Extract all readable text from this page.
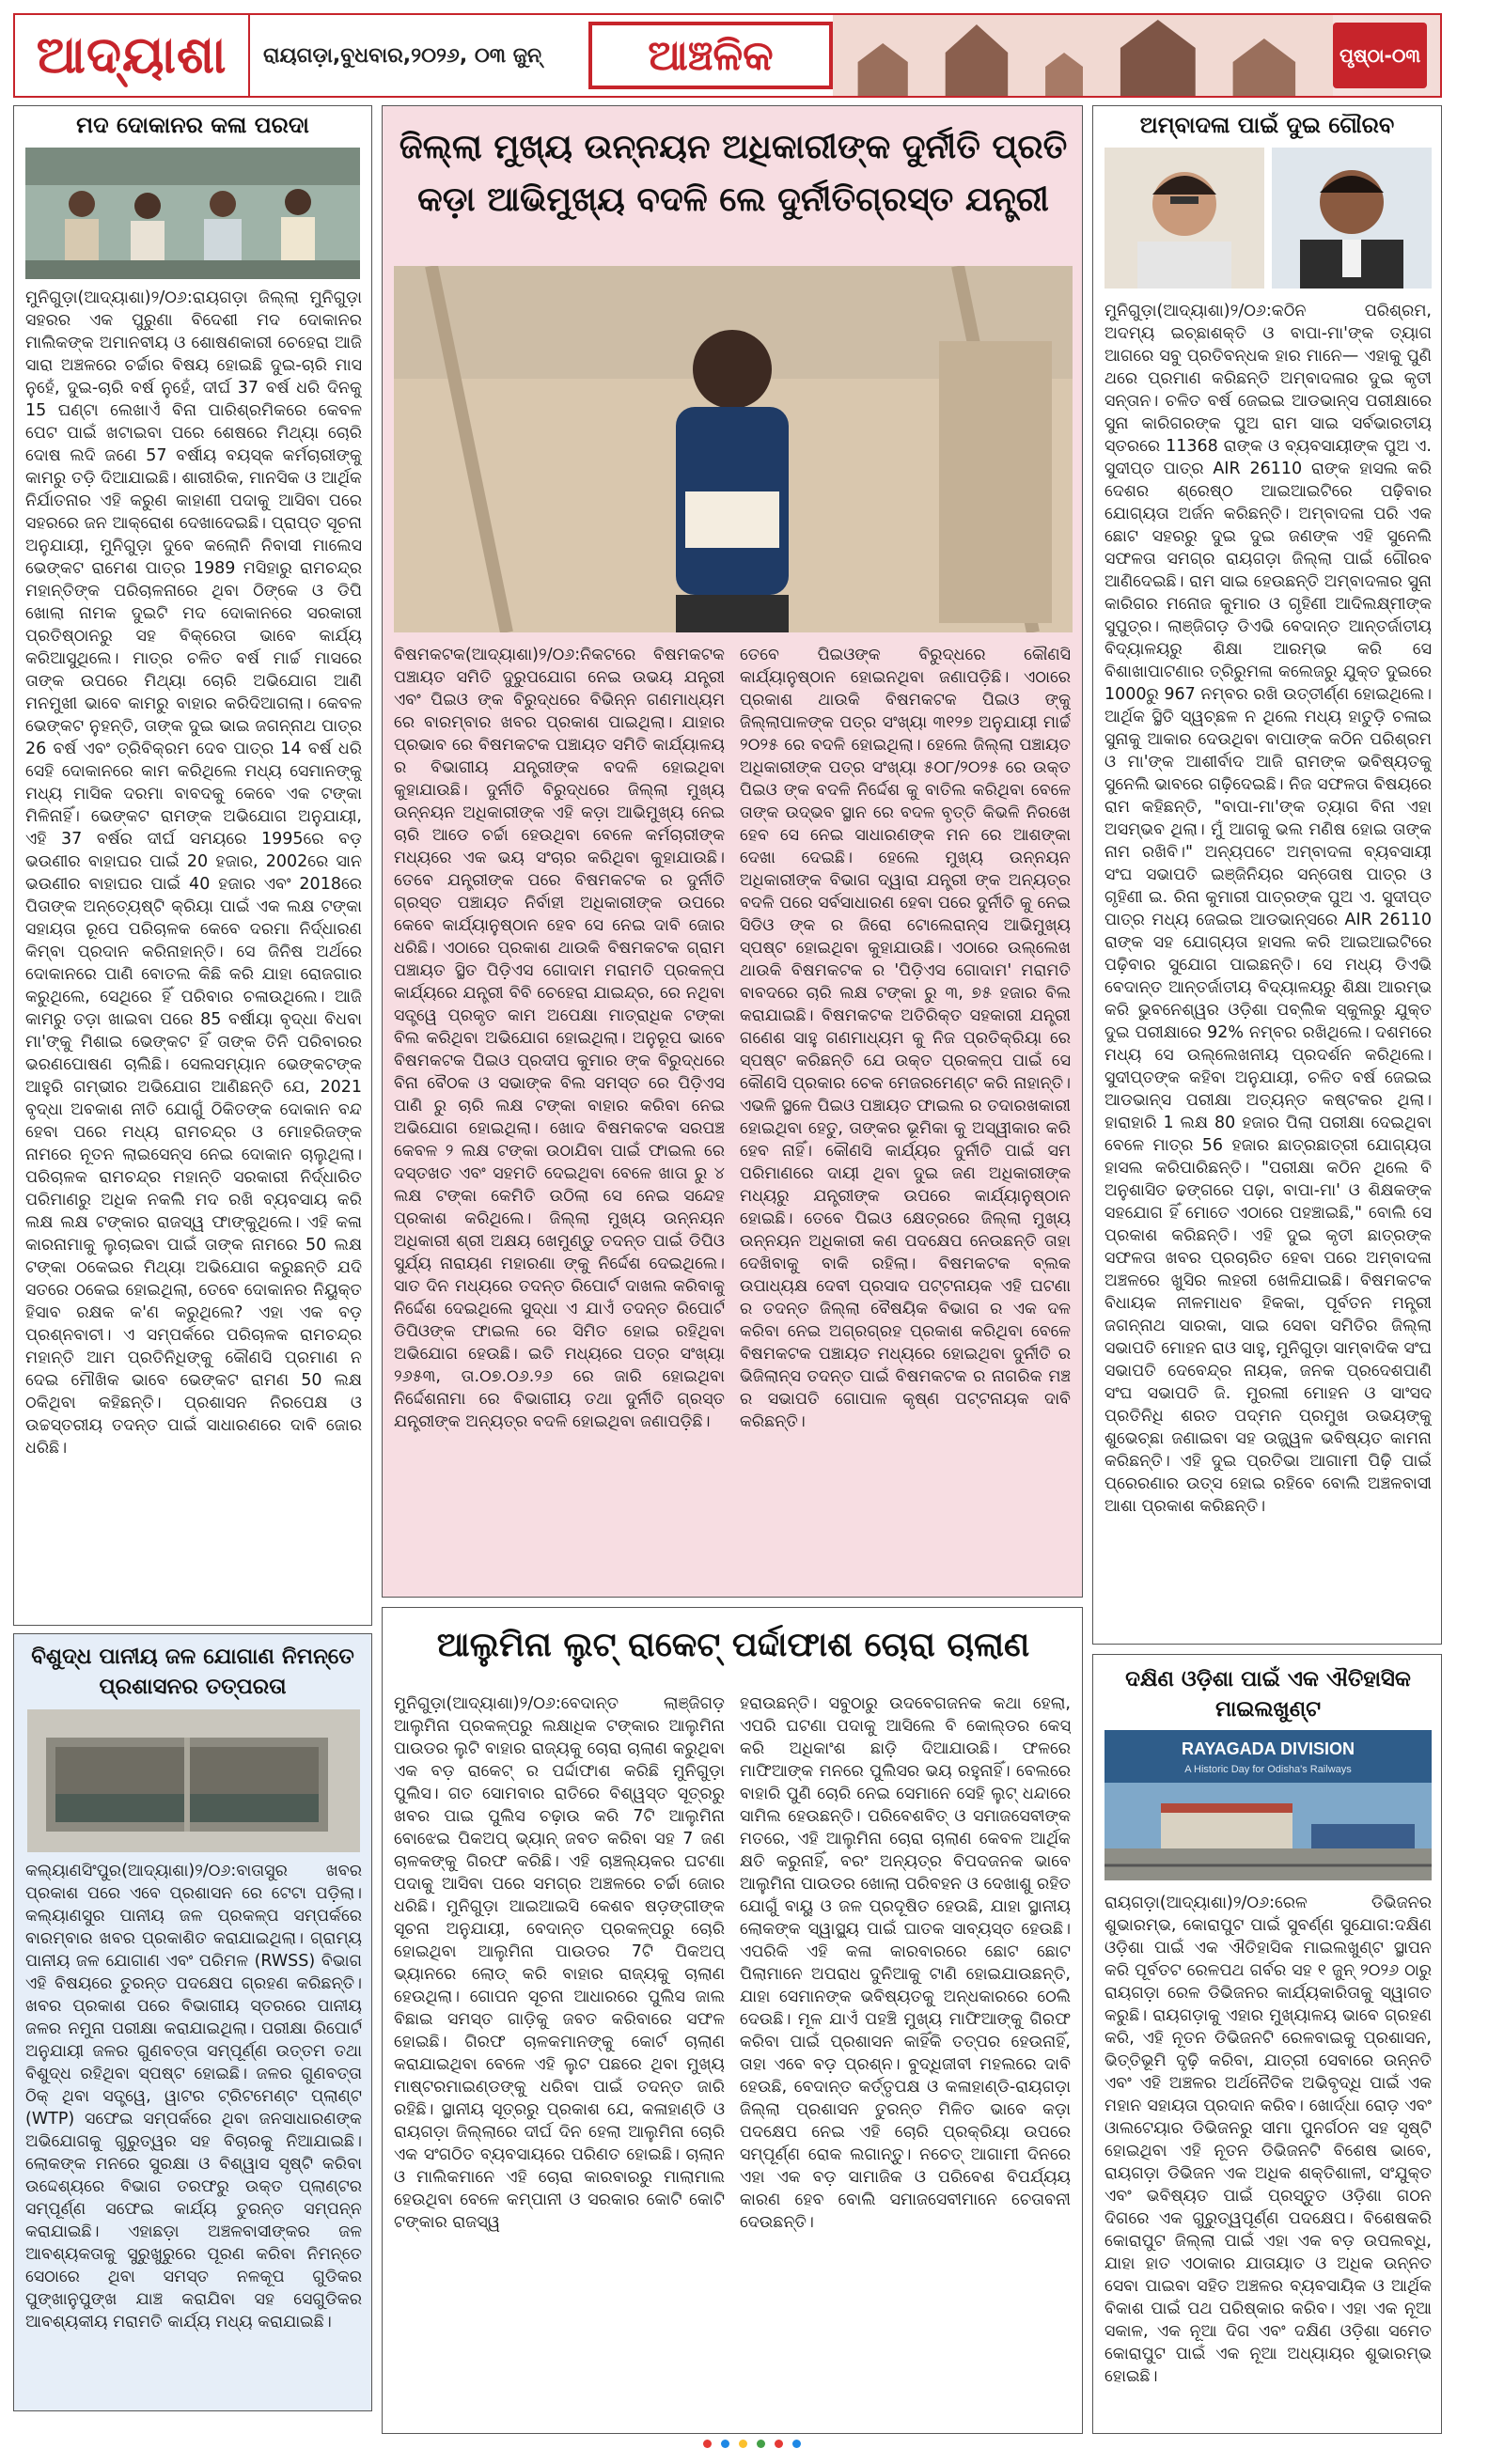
ଆଦ୍ୟାଶା	ରାୟଗଡ଼ା,ବୁଧବାର,୨୦୨୬, ୦୩ ଜୁନ୍	ଆଞ୍ଚଳିକ	ପୃଷ୍ଠା-୦୩
ମଦ ଦୋକାନର କଳା ପରଦା
ମୁନିଗୁଡ଼ା(ଆଦ୍ୟାଶା)୨/୦୬:ରାୟଗଡ଼ା ଜିଲ୍ଲା ମୁନିଗୁଡ଼ା ସହରର ଏକ ପୁରୁଣା ବିଦେଶୀ ମଦ ଦୋକାନର ମାଲିକଙ୍କ ଅମାନବୀୟ ଓ ଶୋଷଣକାରୀ ଚେହେରା ଆଜି ସାରା ଅଞ୍ଚଳରେ ଚର୍ଚ୍ଚାର ବିଷୟ ହୋଇଛି ଦୁଇ-ଚାରି ମାସ ନୁହେଁ, ଦୁଇ-ଚାରି ବର୍ଷ ନୁହେଁ, ଦୀର୍ଘ 37 ବର୍ଷ ଧରି ଦିନକୁ 15 ଘଣ୍ଟା ଲେଖାଏଁ ବିନା ପାରିଶ୍ରମିକରେ କେବଳ ପେଟ ପାଇଁ ଖଟାଇବା ପରେ ଶେଷରେ ମିଥ୍ୟା ଚୋରି ଦୋଷ ଲଦି ଜଣେ 57 ବର୍ଷୀୟ ବୟସ୍କ କର୍ମଚାରୀଙ୍କୁ କାମରୁ ତଡ଼ି ଦିଆଯାଇଛି। ଶାରୀରିକ, ମାନସିକ ଓ ଆର୍ଥିକ ନିର୍ଯାତନାର ଏହି କରୁଣ କାହାଣୀ ପଦାକୁ ଆସିବା ପରେ ସହରରେ ଜନ ଆକ୍ରୋଶ ଦେଖାଦେଇଛି। ପ୍ରାପ୍ତ ସୂଚନା ଅନୁଯାୟୀ, ମୁନିଗୁଡ଼ା ଦୁବେ କଲୋନି ନିବାସୀ ମାଲେସ ଭେଙ୍କଟ ରାମେଶ ପାତ୍ର 1989 ମସିହାରୁ ରାମଚନ୍ଦ୍ର ମହାନ୍ତିଙ୍କ ପରିଚାଳନାରେ ଥିବା ଠିଙ୍କେ ଓ ଡିପି ଖୋଲା ନାମକ ଦୁଇଟି ମଦ ଦୋକାନରେ ସରକାରୀ ପ୍ରତିଷ୍ଠାନରୁ ସହ ବିକ୍ରେତା ଭାବେ କାର୍ଯ୍ୟ କରିଆସୁଥିଲେ। ମାତ୍ର ଚଳିତ ବର୍ଷ ମାର୍ଚ୍ଚ ମାସରେ ତାଙ୍କ ଉପରେ ମିଥ୍ୟା ଚୋରି ଅଭିଯୋଗ ଆଣି ମନମୁଖୀ ଭାବେ କାମରୁ ବାହାର କରିଦିଆଗଲା। କେବଳ ଭେଙ୍କଟ ନୁହନ୍ତି, ତାଙ୍କ ଦୁଇ ଭାଇ ଜଗନ୍ନାଥ ପାତ୍ର 26 ବର୍ଷ ଏବଂ ତ୍ରିବିକ୍ରମ ଦେବ ପାତ୍ର 14 ବର୍ଷ ଧରି ସେହି ଦୋକାନରେ କାମ କରିଥିଲେ ମଧ୍ୟ ସେମାନଙ୍କୁ ମଧ୍ୟ ମାସିକ ଦରମା ବାବଦକୁ କେବେ ଏକ ଟଙ୍କା ମିଳିନାହିଁ। ଭେଙ୍କଟ ରାମଙ୍କ ଅଭିଯୋଗ ଅନୁଯାୟୀ, ଏହି 37 ବର୍ଷର ଦୀର୍ଘ ସମୟରେ 1995ରେ ବଡ଼ ଭଉଣୀର ବାହାଘର ପାଇଁ 20 ହଜାର, 2002ରେ ସାନ ଭଉଣୀର ବାହାଘର ପାଇଁ 40 ହଜାର ଏବଂ 2018ରେ ପିତାଙ୍କ ଅନ୍ତ୍ୟେଷ୍ଟି କ୍ରିୟା ପାଇଁ ଏକ ଲକ୍ଷ ଟଙ୍କା ସହାୟତା ରୂପେ ପରିଚାଳକ କେବେ ଦରମା ନିର୍ଦ୍ଧାରଣ କିମ୍ବା ପ୍ରଦାନ କରିନାହାନ୍ତି। ସେ ଜିନିଷ ଅର୍ଥରେ ଦୋକାନରେ ପାଣି ବୋତଲ କିଛି କରି ଯାହା ରୋଜଗାର କରୁଥିଲେ, ସେଥିରେ ହିଁ ପରିବାର ଚଳାଉଥିଲେ। ଆଜି କାମରୁ ତଡ଼ା ଖାଇବା ପରେ 85 ବର୍ଷୀୟା ବୃଦ୍ଧା ବିଧବା ମା'ଙ୍କୁ ମିଶାଇ ଭେଙ୍କଟ ହିଁ ତାଙ୍କ ତିନି ପରିବାରର ଭରଣପୋଷଣ ଚାଲିଛି। ସେଲସମ୍ୟାନ ଭେଙ୍କଟଙ୍କ ଆହୁରି ଗମ୍ଭୀର ଅଭିଯୋଗ ଆଣିଛନ୍ତି ଯେ, 2021 ବୃଦ୍ଧା ଅବକାଶ ନୀତି ଯୋଗୁଁ ଠିକିତଙ୍କ ଦୋକାନ ବନ୍ଦ ହେବା ପରେ ମଧ୍ୟ ରାମଚନ୍ଦ୍ର ଓ ମୋହରିଜଙ୍କ ନାମରେ ନୂତନ ଲାଇସେନ୍ସ ନେଇ ଦୋକାନ ଚାଲୁଥିଲା। ପରିଚାଳକ ରାମଚନ୍ଦ୍ର ମହାନ୍ତି ସରକାରୀ ନିର୍ଦ୍ଧାରିତ ପରିମାଣରୁ ଅଧିକ ନକଲି ମଦ ରଖି ବ୍ୟବସାୟ କରି ଲକ୍ଷ ଲକ୍ଷ ଟଙ୍କାର ରାଜସ୍ୱ ଫାଙ୍କୁଥିଲେ। ଏହି କଳା କାରନାମାକୁ ଲୁଚାଇବା ପାଇଁ ତାଙ୍କ ନାମରେ 50 ଲକ୍ଷ ଟଙ୍କା ଠକେଇର ମିଥ୍ୟା ଅଭିଯୋଗ କରୁଛନ୍ତି ଯଦି ସତରେ ଠକେଇ ହୋଇଥିଲା, ତେବେ ଦୋକାନର ନିୟୁକ୍ତ ହିସାବ ରକ୍ଷକ କ'ଣ କରୁଥିଲେ? ଏହା ଏକ ବଡ଼ ପ୍ରଶ୍ନବାଚୀ। ଏ ସମ୍ପର୍କରେ ପରିଚାଳକ ରାମଚନ୍ଦ୍ର ମହାନ୍ତି ଆମ ପ୍ରତିନିଧିଙ୍କୁ କୌଣସି ପ୍ରମାଣ ନ ଦେଇ ମୌଖିକ ଭାବେ ଭେଙ୍କଟ ରାମଣ 50 ଲକ୍ଷ ଠକିଥିବା କହିଛନ୍ତି। ପ୍ରଶାସନ ନିରପେକ୍ଷ ଓ ଉଚ୍ଚସ୍ତରୀୟ ତଦନ୍ତ ପାଇଁ ସାଧାରଣରେ ଦାବି ଜୋର ଧରିଛି।
ବିଶୁଦ୍ଧ ପାନୀୟ ଜଳ ଯୋଗାଣ ନିମନ୍ତେ ପ୍ରଶାସନର ତତ୍ପରତା
କଲ୍ୟାଣସିଂପୁର(ଆଦ୍ୟାଶା)୨/୦୬:ବାତାସୁର ଖବର ପ୍ରକାଶ ପରେ ଏବେ ପ୍ରଶାସନ ରେ ଟେଟା ପଡ଼ିଲା। କଲ୍ୟାଣସୁର ପାନୀୟ ଜଳ ପ୍ରକଳ୍ପ ସମ୍ପର୍କରେ ବାରମ୍ବାର ଖବର ପ୍ରକାଶିତ କରାଯାଇଥିଲା। ଗ୍ରାମ୍ୟ ପାନୀୟ ଜଳ ଯୋଗାଣ ଏବଂ ପରିମଳ (RWSS) ବିଭାଗ ଏହି ବିଷୟରେ ତୁରନ୍ତ ପଦକ୍ଷେପ ଗ୍ରହଣ କରିଛନ୍ତି। ଖବର ପ୍ରକାଶ ପରେ ବିଭାଗୀୟ ସ୍ତରରେ ପାନୀୟ ଜଳର ନମୁନା ପରୀକ୍ଷା କରାଯାଇଥିଲା। ପରୀକ୍ଷା ରିପୋର୍ଟ ଅନୁଯାୟୀ ଜଳର ଗୁଣବତ୍ତା ସମ୍ପୂର୍ଣ୍ଣ ଉତ୍ତମ ତଥା ବିଶୁଦ୍ଧ ରହିଥିବା ସ୍ପଷ୍ଟ ହୋଇଛି। ଜଳର ଗୁଣବତ୍ତା ଠିକ୍ ଥିବା ସତ୍ତ୍ୱେ, ୱାଟର ଟ୍ରିଟମେଣ୍ଟ ପ୍ଲାଣ୍ଟ (WTP) ସଫେଇ ସମ୍ପର୍କରେ ଥିବା ଜନସାଧାରଣଙ୍କ ଅଭିଯୋଗକୁ ଗୁରୁତ୍ୱର ସହ ବିଚାରକୁ ନିଆଯାଇଛି। ଲୋକଙ୍କ ମନରେ ସୁରକ୍ଷା ଓ ବିଶ୍ୱାସ ସୃଷ୍ଟି କରିବା ଉଦ୍ଦେଶ୍ୟରେ ବିଭାଗ ତରଫରୁ ଉକ୍ତ ପ୍ଲାଣ୍ଟର ସମ୍ପୂର୍ଣ୍ଣ ସଫେଇ କାର୍ଯ୍ୟ ତୁରନ୍ତ ସମ୍ପନ୍ନ କରାଯାଇଛି। ଏହାଛଡ଼ା ଅଞ୍ଚଳବାସୀଙ୍କର ଜଳ ଆବଶ୍ୟକତାକୁ ସୁରୁଖୁରୁରେ ପୂରଣ କରିବା ନିମନ୍ତେ ସେଠାରେ ଥିବା ସମସ୍ତ ନଳକୂପ ଗୁଡିକର ପୁଙ୍ଖାନୁପୁଙ୍ଖ ଯାଞ୍ଚ କରାଯିବା ସହ ସେଗୁଡିକର ଆବଶ୍ୟକୀୟ ମରାମତି କାର୍ଯ୍ୟ ମଧ୍ୟ କରାଯାଇଛି।
ଜିଲ୍ଲା ମୁଖ୍ୟ ଉନ୍ନୟନ ଅଧିକାରୀଙ୍କ ଦୁର୍ନୀତି ପ୍ରତି କଡ଼ା ଆଭିମୁଖ୍ୟ ବଦଳି ଲେ ଦୁର୍ନୀତିଗ୍ରସ୍ତ ଯନ୍ତ୍ରୀ
ବିଷମକଟକ(ଆଦ୍ୟାଶା)୨/୦୬:ନିକଟରେ ବିଷମକଟକ ପଞ୍ଚାୟତ ସମିତି ଦୁରୁପଯୋଗ ନେଇ ଉଭୟ ଯନ୍ତ୍ରୀ ଏବଂ ପିଇଓ ଙ୍କ ବିରୁଦ୍ଧରେ ବିଭିନ୍ନ ଗଣମାଧ୍ୟମ ରେ ବାରମ୍ବାର ଖବର ପ୍ରକାଶ ପାଇଥିଲା। ଯାହାର ପ୍ରଭାବ ରେ ବିଷମକଟକ ପଞ୍ଚାୟତ ସମିତି କାର୍ଯ୍ୟାଳୟ ର ବିଭାଗୀୟ ଯନ୍ତ୍ରୀଙ୍କ ବଦଳି ହୋଇଥିବା କୁହାଯାଉଛି। ଦୁର୍ନୀତି ବିରୁଦ୍ଧରେ ଜିଲ୍ଲା ମୁଖ୍ୟ ଉନ୍ନୟନ ଅଧିକାରୀଙ୍କ ଏହି କଡ଼ା ଆଭିମୁଖ୍ୟ ନେଇ ଚାରି ଆଡେ ଚର୍ଚ୍ଚା ହେଉଥିବା ବେଳେ କର୍ମଚାରୀଙ୍କ ମଧ୍ୟରେ ଏକ ଭୟ ସଂଚାର କରିଥିବା କୁହାଯାଉଛି। ତେବେ ଯନ୍ତ୍ରୀଙ୍କ ପରେ ବିଷମକଟକ ର ଦୁର୍ନୀତି ଗ୍ରସ୍ତ ପଞ୍ଚାୟତ ନିର୍ବାହୀ ଅଧିକାରୀଙ୍କ ଉପରେ କେବେ କାର୍ଯ୍ୟାନୁଷ୍ଠାନ ହେବ ସେ ନେଇ ଦାବି ଜୋର ଧରିଛି। ଏଠାରେ ପ୍ରକାଶ ଥାଉକି ବିଷମକଟକ ଗ୍ରାମ ପଞ୍ଚାୟତ ସ୍ଥିତ ପିଡ଼ିଏସ ଗୋଦାମ ମରାମତି ପ୍ରକଳ୍ପ କାର୍ଯ୍ୟରେ ଯନ୍ତ୍ରୀ ବିବି ଚେହେରା ଯାଇନ୍ଦ୍ର, ରେ ନଥିବା ସତ୍ତ୍ୱେ ପ୍ରକୃତ କାମ ଅପେକ୍ଷା ମାତ୍ରାଧିକ ଟଙ୍କା ବିଲ କରିଥିବା ଅଭିଯୋଗ ହୋଇଥିଲା। ଅନୁରୂପ ଭାବେ ବିଷମକଟକ ପିଇଓ ପ୍ରଦୀପ କୁମାର ଙ୍କ ବିରୁଦ୍ଧରେ ବିନା ବୈଠକ ଓ ସଭାଙ୍କ ବିଲ ସମସ୍ତ ରେ ପିଡ଼ିଏସ ପାଣି ରୁ ଚାରି ଲକ୍ଷ ଟଙ୍କା ବାହାର କରିବା ନେଇ ଅଭିଯୋଗ ହୋଇଥିଲା। ଖୋଦ ବିଷମକଟକ ସରପଞ୍ଚ କେବଳ ୨ ଲକ୍ଷ ଟଙ୍କା ଉଠାଯିବା ପାଇଁ ଫାଇଲ ରେ ଦସ୍ତଖତ ଏବଂ ସହମତି ଦେଇଥିବା ବେଳେ ଖାତା ରୁ ୪ ଲକ୍ଷ ଟଙ୍କା କେମିତି ଉଠିଲା ସେ ନେଇ ସନ୍ଦେହ ପ୍ରକାଶ କରିଥିଲେ। ଜିଲ୍ଲା ମୁଖ୍ୟ ଉନ୍ନୟନ ଅଧିକାରୀ ଶ୍ରୀ ଅକ୍ଷୟ ଖେମୁଣ୍ଡୁ ତଦନ୍ତ ପାଇଁ ଡିପିଓ ସୁର୍ଯ୍ୟ ନାରାୟଣ ମହାରଣା ଙ୍କୁ ନିର୍ଦ୍ଦେଶ ଦେଇଥିଲେ। ସାତ ଦିନ ମଧ୍ୟରେ ତଦନ୍ତ ରିପୋର୍ଟ ଦାଖଲ କରିବାକୁ ନିର୍ଦ୍ଦେଶ ଦେଇଥିଲେ ସୁଦ୍ଧା ଏ ଯାଏଁ ତଦନ୍ତ ରିପୋର୍ଟ ଡିପିଓଙ୍କ ଫାଇଲ ରେ ସିମିତ ହୋଇ ରହିଥିବା ଅଭିଯୋଗ ହେଉଛି। ଇତି ମଧ୍ୟରେ ପତ୍ର ସଂଖ୍ୟା ୨୬୫୩, ତା.୦୭.୦୬.୨୬ ରେ ଜାରି ହୋଇଥିବା ନିର୍ଦ୍ଦେଶନାମା ରେ ବିଭାଗୀୟ ତଥା ଦୁର୍ନୀତି ଗ୍ରସ୍ତ ଯନ୍ତ୍ରୀଙ୍କ ଅନ୍ୟତ୍ର ବଦଳି ହୋଇଥିବା ଜଣାପଡ଼ିଛି।
ତେବେ ପିଇଓଙ୍କ ବିରୁଦ୍ଧରେ କୌଣସି କାର୍ଯ୍ୟାନୁଷ୍ଠାନ ହୋଇନଥିବା ଜଣାପଡ଼ିଛି। ଏଠାରେ ପ୍ରକାଶ ଥାଉକି ବିଷମକଟକ ପିଇଓ ଙ୍କୁ ଜିଲ୍ଲାପାଳଙ୍କ ପତ୍ର ସଂଖ୍ୟା ୩୧୨୭ ଅନୁଯାୟୀ ମାର୍ଚ୍ଚ ୨୦୨୫ ରେ ବଦଳି ହୋଇଥିଲା। ହେଲେ ଜିଲ୍ଲା ପଞ୍ଚାୟତ ଅଧିକାରୀଙ୍କ ପତ୍ର ସଂଖ୍ୟା ୫୦୮/୨୦୨୫ ରେ ଉକ୍ତ ପିଇଓ ଙ୍କ ବଦଳି ନିର୍ଦ୍ଦେଶ କୁ ବାତିଲ କରିଥିବା ବେଳେ ତାଙ୍କ ଉଦ୍ଭବ ସ୍ଥାନ ରେ ବଦଳ ବୃତ୍ତି କିଭଳି ନିରଖେ ହେବ ସେ ନେଇ ସାଧାରଣଙ୍କ ମନ ରେ ଆଶଙ୍କା ଦେଖା ଦେଇଛି। ହେଲେ ମୁଖ୍ୟ ଉନ୍ନୟନ ଅଧିକାରୀଙ୍କ ବିଭାଗ ଦ୍ୱାରା ଯନ୍ତ୍ରୀ ଙ୍କ ଅନ୍ୟତ୍ର ବଦଳି ପରେ ସର୍ବସାଧାରଣ ହେବା ପରେ ଦୁର୍ନୀତି କୁ ନେଇ ସିଡିଓ ଙ୍କ ର ଜିରୋ ଟୋଲେରାନ୍ସ ଆଭିମୁଖ୍ୟ ସ୍ପଷ୍ଟ ହୋଇଥିବା କୁହାଯାଉଛି। ଏଠାରେ ଉଲ୍ଲେଖ ଥାଉକି ବିଷମକଟକ ର 'ପିଡ଼ିଏସ ଗୋଦାମ' ମରାମତି ବାବଦରେ ଚାରି ଲକ୍ଷ ଟଙ୍କା ରୁ ୩, ୭୫ ହଜାର ବିଲ କରାଯାଇଛି। ବିଷମକଟକ ଅତିରିକ୍ତ ସହକାରୀ ଯନ୍ତ୍ରୀ ଗଣେଶ ସାହୁ ଗଣମାଧ୍ୟମ କୁ ନିଜ ପ୍ରତିକ୍ରିୟା ରେ ସ୍ପଷ୍ଟ କରିଛନ୍ତି ଯେ ଉକ୍ତ ପ୍ରକଳ୍ପ ପାଇଁ ସେ କୌଣସି ପ୍ରକାର ଚେକ ମେଜରମେଣ୍ଟ କରି ନାହାନ୍ତି। ଏଭଳି ସ୍ଥଳେ ପିଇଓ ପଞ୍ଚାୟତ ଫାଇଲ ର ତଦାରଖକାରୀ ହୋଇଥିବା ହେତୁ, ତାଙ୍କର ଭୂମିକା କୁ ଅସ୍ୱୀକାର କରି ହେବ ନାହିଁ। କୌଣସି କାର୍ଯ୍ୟର ଦୁର୍ନୀତି ପାଇଁ ସମ ପରିମାଣରେ ଦାୟୀ ଥିବା ଦୁଇ ଜଣ ଅଧିକାରୀଙ୍କ ମଧ୍ୟରୁ ଯନ୍ତ୍ରୀଙ୍କ ଉପରେ କାର୍ଯ୍ୟାନୁଷ୍ଠାନ ହୋଇଛି। ତେବେ ପିଇଓ କ୍ଷେତ୍ରରେ ଜିଲ୍ଲା ମୁଖ୍ୟ ଉନ୍ନୟନ ଅଧିକାରୀ କଣ ପଦକ୍ଷେପ ନେଉଛନ୍ତି ତାହା ଦେଖିବାକୁ ବାକି ରହିଲା। ବିଷମକଟକ ବ୍ଲକ ଉପାଧ୍ୟକ୍ଷ ଦେବୀ ପ୍ରସାଦ ପଟ୍ଟନାୟକ ଏହି ଘଟଣା ର ତଦନ୍ତ ଜିଲ୍ଲା ବୈଷୟିକ ବିଭାଗ ର ଏକ ଦଳ କରିବା ନେଇ ଅଗ୍ରଗ୍ରହ ପ୍ରକାଶ କରିଥିବା ବେଳେ ବିଷମକଟକ ପଞ୍ଚାୟତ ମଧ୍ୟରେ ହୋଇଥିବା ଦୁର୍ନୀତି ର ଭିଜିଲାନ୍ସ ତଦନ୍ତ ପାଇଁ ବିଷମକଟକ ର ନାଗରିକ ମଞ୍ଚ ର ସଭାପତି ଗୋପାଳ କୃଷ୍ଣ ପଟ୍ଟନାୟକ ଦାବି କରିଛନ୍ତି।
ଆଲୁମିନା ଲୁଟ୍ ରାକେଟ୍ ପର୍ଦ୍ଦାଫାଶ ଚୋରା ଚାଲାଣ
ମୁନିଗୁଡ଼ା(ଆଦ୍ୟାଶା)୨/୦୬:ବେଦାନ୍ତ ଲାଞ୍ଜିଗଡ଼ ଆଲୁମିନା ପ୍ରକଳ୍ପରୁ ଲକ୍ଷାଧିକ ଟଙ୍କାର ଆଲୁମିନା ପାଉଡର ଲୁଟି ବାହାର ରାଜ୍ୟକୁ ଚୋରା ଚାଲାଣ କରୁଥିବା ଏକ ବଡ଼ ରାକେଟ୍ ର ପର୍ଦ୍ଦାଫାଶ କରିଛି ମୁନିଗୁଡ଼ା ପୁଲିସ। ଗତ ସୋମବାର ରାତିରେ ବିଶ୍ୱସ୍ତ ସୂତ୍ରରୁ ଖବର ପାଇ ପୁଲିସ ଚଢ଼ାଉ କରି 7ଟି ଆଲୁମିନା ବୋଝେଇ ପିକଅପ୍ ଭ୍ୟାନ୍ ଜବତ କରିବା ସହ 7 ଜଣ ଚାଳକଙ୍କୁ ଗିରଫ କରିଛି। ଏହି ଚାଞ୍ଚଲ୍ୟକର ଘଟଣା ପଦାକୁ ଆସିବା ପରେ ସମଗ୍ର ଅଞ୍ଚଳରେ ଚର୍ଚ୍ଚା ଜୋର ଧରିଛି। ମୁନିଗୁଡ଼ା ଆଇଆଇସି କେଶବ ଷଡ଼ଙ୍ଗୀଙ୍କ ସୂଚନା ଅନୁଯାୟୀ, ବେଦାନ୍ତ ପ୍ରକଳ୍ପରୁ ଚୋରି ହୋଇଥିବା ଆଲୁମିନା ପାଉଡର 7ଟି ପିକଅପ୍ ଭ୍ୟାନରେ ଲୋଡ୍ କରି ବାହାର ରାଜ୍ୟକୁ ଚାଲାଣ ହେଉଥିଲା। ଗୋପନ ସୂଚନା ଆଧାରରେ ପୁଲିସ ଜାଲ ବିଛାଇ ସମସ୍ତ ଗାଡ଼ିକୁ ଜବତ କରିବାରେ ସଫଳ ହୋଇଛି। ଗିରଫ ଚାଳକମାନଙ୍କୁ କୋର୍ଟ ଚାଲାଣ କରାଯାଇଥିବା ବେଳେ ଏହି ଲୁଟ ପଛରେ ଥିବା ମୁଖ୍ୟ ମାଷ୍ଟରମାଇଣ୍ଡଙ୍କୁ ଧରିବା ପାଇଁ ତଦନ୍ତ ଜାରି ରହିଛି। ସ୍ଥାନୀୟ ସୂତ୍ରରୁ ପ୍ରକାଶ ଯେ, କଳାହାଣ୍ଡି ଓ ରାୟଗଡ଼ା ଜିଲ୍ଲାରେ ଦୀର୍ଘ ଦିନ ହେଲା ଆଲୁମିନା ଚୋରି ଏକ ସଂଗଠିତ ବ୍ୟବସାୟରେ ପରିଣତ ହୋଇଛି। ଚାଲାନ ଓ ମାଲିକମାନେ ଏହି ଚୋରା କାରବାରରୁ ମାଲାମାଲ ହେଉଥିବା ବେଳେ କମ୍ପାନୀ ଓ ସରକାର କୋଟି କୋଟି ଟଙ୍କାର ରାଜସ୍ୱ
ହରାଉଛନ୍ତି। ସବୁଠାରୁ ଉଦବେଗଜନକ କଥା ହେଲା, ଏପରି ଘଟଣା ପଦାକୁ ଆସିଲେ ବି କୋଲ୍ଡର କେସ୍ କରି ଅଧିକାଂଶ ଛାଡ଼ି ଦିଆଯାଉଛି। ଫଳରେ ମାଫିଆଙ୍କ ମନରେ ପୁଲିସର ଭୟ ରହୁନାହିଁ। ବେଲରେ ବାହାରି ପୁଣି ଚୋରି ନେଇ ସେମାନେ ସେହି ଲୁଟ୍ ଧନ୍ଦାରେ ସାମିଲ ହେଉଛନ୍ତି। ପରିବେଶବିତ୍ ଓ ସମାଜସେବୀଙ୍କ ମତରେ, ଏହି ଆଲୁମିନା ଚୋରା ଚାଲାଣ କେବଳ ଆର୍ଥିକ କ୍ଷତି କରୁନାହିଁ, ବରଂ ଅନ୍ୟତ୍ର ବିପଦଜନକ ଭାବେ ଆଲୁମିନା ପାଉଡର ଖୋଲା ପରିବହନ ଓ ଦେଖାଶୁ ରହିତ ଯୋଗୁଁ ବାୟୁ ଓ ଜଳ ପ୍ରଦୂଷିତ ହେଉଛି, ଯାହା ସ୍ଥାନୀୟ ଲୋକଙ୍କ ସ୍ୱାସ୍ଥ୍ୟ ପାଇଁ ଘାତକ ସାବ୍ୟସ୍ତ ହେଉଛି। ଏପରିକି ଏହି କଳା କାରବାରରେ ଛୋଟ ଛୋଟ ପିଲାମାନେ ଅପରାଧ ଦୁନିଆକୁ ଟାଣି ହୋଇଯାଉଛନ୍ତି, ଯାହା ସେମାନଙ୍କ ଭବିଷ୍ୟତକୁ ଅନ୍ଧକାରରେ ଠେଲି ଦେଉଛି। ମୂଳ ଯାଏଁ ପହଞ୍ଚି ମୁଖ୍ୟ ମାଫିଆଙ୍କୁ ଗିରଫ କରିବା ପାଇଁ ପ୍ରଶାସନ କାହିଁକି ତତ୍ପର ହେଉନାହିଁ, ତାହା ଏବେ ବଡ଼ ପ୍ରଶ୍ନ। ବୁଦ୍ଧିଜୀବୀ ମହଲରେ ଦାବି ହେଉଛି, ବେଦାନ୍ତ କର୍ତ୍ତୃପକ୍ଷ ଓ କଳାହାଣ୍ଡି-ରାୟଗଡ଼ା ଜିଲ୍ଲା ପ୍ରଶାସନ ତୁରନ୍ତ ମିଳିତ ଭାବେ କଡ଼ା ପଦକ୍ଷେପ ନେଇ ଏହି ଚୋରି ପ୍ରକ୍ରିୟା ଉପରେ ସମ୍ପୂର୍ଣ୍ଣ ରୋକ ଲଗାନ୍ତୁ। ନଚେତ୍ ଆଗାମୀ ଦିନରେ ଏହା ଏକ ବଡ଼ ସାମାଜିକ ଓ ପରିବେଶ ବିପର୍ଯ୍ୟୟ କାରଣ ହେବ ବୋଲି ସମାଜସେବୀମାନେ ଚେତାବନୀ ଦେଉଛନ୍ତି।
ଅମ୍ବାଦଳା ପାଇଁ ଦୁଇ ଗୌରବ
ମୁନିଗୁଡ଼ା(ଆଦ୍ୟାଶା)୨/୦୬:କଠିନ ପରିଶ୍ରମ, ଅଦମ୍ୟ ଇଚ୍ଛାଶକ୍ତି ଓ ବାପା-ମା'ଙ୍କ ତ୍ୟାଗ ଆଗରେ ସବୁ ପ୍ରତିବନ୍ଧକ ହାର ମାନେ— ଏହାକୁ ପୁଣି ଥରେ ପ୍ରମାଣ କରିଛନ୍ତି ଅମ୍ବାଦଳାର ଦୁଇ କୃତୀ ସନ୍ତାନ। ଚଳିତ ବର୍ଷ ଜେଇଇ ଆଡଭାନ୍ସ ପରୀକ୍ଷାରେ ସୁନା କାରିଗରଙ୍କ ପୁଅ ରାମ ସାଇ ସର୍ବଭାରତୀୟ ସ୍ତରରେ 11368 ରାଙ୍କ ଓ ବ୍ୟବସାୟୀଙ୍କ ପୁଅ ଏ. ସୁଦୀପ୍ତ ପାତ୍ର AIR 26110 ରାଙ୍କ ହାସଲ କରି ଦେଶର ଶ୍ରେଷ୍ଠ ଆଇଆଇଟିରେ ପଢ଼ିବାର ଯୋଗ୍ୟତା ଅର୍ଜନ କରିଛନ୍ତି। ଅମ୍ବାଦଳା ପରି ଏକ ଛୋଟ ସହରରୁ ଦୁଇ ଦୁଇ ଜଣଙ୍କ ଏହି ସୁନେଲି ସଫଳତା ସମଗ୍ର ରାୟଗଡ଼ା ଜିଲ୍ଲା ପାଇଁ ଗୌରବ ଆଣିଦେଇଛି। ରାମ ସାଇ ହେଉଛନ୍ତି ଅମ୍ବାଦଳାର ସୁନା କାରିଗର ମନୋଜ କୁମାର ଓ ଗୃହିଣୀ ଆଦିଲକ୍ଷ୍ମୀଙ୍କ ସୁପୁତ୍ର। ଲାଞ୍ଜିଗଡ଼ ଡିଏଭି ବେଦାନ୍ତ ଆନ୍ତର୍ଜାତୀୟ ବିଦ୍ୟାଳୟରୁ ଶିକ୍ଷା ଆରମ୍ଭ କରି ସେ ବିଶାଖାପାଟଣାର ତ୍ରିରୁମଳା କଲେଜରୁ ଯୁକ୍ତ ଦୁଇରେ 1000ରୁ 967 ନମ୍ବର ରଖି ଉତ୍ତୀର୍ଣ୍ଣ ହୋଇଥିଲେ। ଆର୍ଥିକ ସ୍ଥିତି ସ୍ୱଚ୍ଛଳ ନ ଥିଲେ ମଧ୍ୟ ହାତୁଡ଼ି ଚଳାଇ ସୁନାକୁ ଆକାର ଦେଉଥିବା ବାପାଙ୍କ କଠିନ ପରିଶ୍ରମ ଓ ମା'ଙ୍କ ଆଶୀର୍ବାଦ ଆଜି ରାମଙ୍କ ଭବିଷ୍ୟତକୁ ସୁନେଲି ଭାବରେ ଗଢ଼ିଦେଇଛି। ନିଜ ସଫଳତା ବିଷୟରେ ରାମ କହିଛନ୍ତି, "ବାପା-ମା'ଙ୍କ ତ୍ୟାଗ ବିନା ଏହା ଅସମ୍ଭବ ଥିଲା। ମୁଁ ଆଗକୁ ଭଲ ମଣିଷ ହୋଇ ତାଙ୍କ ନାମ ରଖିବି।" ଅନ୍ୟପଟେ ଅମ୍ବାଦଳା ବ୍ୟବସାୟୀ ସଂଘ ସଭାପତି ଇଞ୍ଜିନିୟର ସନ୍ତୋଷ ପାତ୍ର ଓ ଗୃହିଣୀ ଇ. ରିନା କୁମାରୀ ପାତ୍ରଙ୍କ ପୁଅ ଏ. ସୁଦୀପ୍ତ ପାତ୍ର ମଧ୍ୟ ଜେଇଇ ଆଡଭାନ୍ସରେ AIR 26110 ରାଙ୍କ ସହ ଯୋଗ୍ୟତା ହାସଲ କରି ଆଇଆଇଟିରେ ପଢ଼ିବାର ସୁଯୋଗ ପାଇଛନ୍ତି। ସେ ମଧ୍ୟ ଡିଏଭି ବେଦାନ୍ତ ଆନ୍ତର୍ଜାତୀୟ ବିଦ୍ୟାଳୟରୁ ଶିକ୍ଷା ଆରମ୍ଭ କରି ଭୁବନେଶ୍ୱର ଓଡ଼ିଶା ପବ୍ଲିକ ସ୍କୁଲରୁ ଯୁକ୍ତ ଦୁଇ ପରୀକ୍ଷାରେ 92% ନମ୍ବର ରଖିଥିଲେ। ଦଶମରେ ମଧ୍ୟ ସେ ଉଲ୍ଲେଖନୀୟ ପ୍ରଦର୍ଶନ କରିଥିଲେ। ସୁଦୀପ୍ତଙ୍କ କହିବା ଅନୁଯାୟୀ, ଚଳିତ ବର୍ଷ ଜେଇଇ ଆଡଭାନ୍ସ ପରୀକ୍ଷା ଅତ୍ୟନ୍ତ କଷ୍ଟକର ଥିଲା। ହାରାହାରି 1 ଲକ୍ଷ 80 ହଜାର ପିଲା ପରୀକ୍ଷା ଦେଇଥିବା ବେଳେ ମାତ୍ର 56 ହଜାର ଛାତ୍ରଛାତ୍ରୀ ଯୋଗ୍ୟତା ହାସଲ କରିପାରିଛନ୍ତି। "ପରୀକ୍ଷା କଠିନ ଥିଲେ ବି ଅନୁଶାସିତ ଢଙ୍ଗରେ ପଢ଼ା, ବାପା-ମା' ଓ ଶିକ୍ଷକଙ୍କ ସହଯୋଗ ହିଁ ମୋତେ ଏଠାରେ ପହଞ୍ଚାଇଛି," ବୋଲି ସେ ପ୍ରକାଶ କରିଛନ୍ତି। ଏହି ଦୁଇ କୃତୀ ଛାତ୍ରଙ୍କ ସଫଳତା ଖବର ପ୍ରଚାରିତ ହେବା ପରେ ଅମ୍ବାଦଳା ଅଞ୍ଚଳରେ ଖୁସିର ଲହରୀ ଖେଳିଯାଇଛି। ବିଷମକଟକ ବିଧାୟକ ନୀଳମାଧବ ହିକକା, ପୂର୍ବତନ ମନ୍ତ୍ରୀ ଜଗନ୍ନାଥ ସାରକା, ସାଇ ସେବା ସମିତିର ଜିଲ୍ଲା ସଭାପତି ମୋହନ ରାଓ ସାହୁ, ମୁନିଗୁଡ଼ା ସାମ୍ବାଦିକ ସଂଘ ସଭାପତି ଦେବେନ୍ଦ୍ର ନାୟକ, ଜନକ ପ୍ରଦେଶପାଣି ସଂଘ ସଭାପତି ଜି. ମୁରଲୀ ମୋହନ ଓ ସାଂସଦ ପ୍ରତିନିଧି ଶରତ ପଦ୍ମନ ପ୍ରମୁଖ ଉଭୟଙ୍କୁ ଶୁଭେଚ୍ଛା ଜଣାଇବା ସହ ଉଜ୍ଜ୍ୱଳ ଭବିଷ୍ୟତ କାମନା କରିଛନ୍ତି। ଏହି ଦୁଇ ପ୍ରତିଭା ଆଗାମୀ ପିଢ଼ି ପାଇଁ ପ୍ରେରଣାର ଉତ୍ସ ହୋଇ ରହିବେ ବୋଲି ଅଞ୍ଚଳବାସୀ ଆଶା ପ୍ରକାଶ କରିଛନ୍ତି।
ଦକ୍ଷିଣ ଓଡ଼ିଶା ପାଇଁ ଏକ ଐତିହାସିକ ମାଇଲଖୁଣ୍ଟ
RAYAGADA DIVISION
A Historic Day for Odisha's Railways
ରାୟଗଡ଼ା(ଆଦ୍ୟାଶା)୨/୦୬:ରେଳ ଡିଭିଜନର ଶୁଭାରମ୍ଭ, କୋରାପୁଟ ପାଇଁ ସୁବର୍ଣ୍ଣ ସୁଯୋଗ:ଦକ୍ଷିଣ ଓଡ଼ିଶା ପାଇଁ ଏକ ଐତିହାସିକ ମାଇଲଖୁଣ୍ଟ ସ୍ଥାପନ କରି ପୂର୍ବତଟ ରେଳପଥ ଗର୍ବର ସହ ୧ ଜୁନ୍ ୨୦୨୬ ଠାରୁ ରାୟଗଡ଼ା ରେଳ ଡିଭିଜନର କାର୍ଯ୍ୟକାରିତାକୁ ସ୍ୱାଗତ କରୁଛି। ରାୟଗଡ଼ାକୁ ଏହାର ମୁଖ୍ୟାଳୟ ଭାବେ ଗ୍ରହଣ କରି, ଏହି ନୂତନ ଡିଭିଜନଟି ରେଳବାଇକୁ ପ୍ରଶାସନ, ଭିତ୍ତିଭୂମି ଦୃଢ଼ି କରିବା, ଯାତ୍ରୀ ସେବାରେ ଉନ୍ନତି ଏବଂ ଏହି ଅଞ୍ଚଳର ଅର୍ଥନୈତିକ ଅଭିବୃଦ୍ଧି ପାଇଁ ଏକ ମହାନ ସହାୟତା ପ୍ରଦାନ କରିବ। ଖୋର୍ଦ୍ଧା ରୋଡ଼ ଏବଂ ଓାଲଟେୟାର ଡିଭିଜନରୁ ସୀମା ପୁନର୍ଗଠନ ସହ ସୃଷ୍ଟି ହୋଇଥିବା ଏହି ନୂତନ ଡିଭିଜନଟି ବିଶେଷ ଭାବେ, ରାୟଗଡ଼ା ଡିଭିଜନ ଏକ ଅଧିକ ଶକ୍ତିଶାଳୀ, ସଂଯୁକ୍ତ ଏବଂ ଭବିଷ୍ୟତ ପାଇଁ ପ୍ରସ୍ତୁତ ଓଡ଼ିଶା ଗଠନ ଦିଗରେ ଏକ ଗୁରୁତ୍ୱପୂର୍ଣ୍ଣ ପଦକ୍ଷେପ। ବିଶେଷକରି କୋରାପୁଟ ଜିଲ୍ଲା ପାଇଁ ଏହା ଏକ ବଡ଼ ଉପଲବ୍ଧି, ଯାହା ହାତ ଏଠାକାର ଯାତାୟାତ ଓ ଅଧିକ ଉନ୍ନତ ସେବା ପାଇବା ସହିତ ଅଞ୍ଚଳର ବ୍ୟବସାୟିକ ଓ ଆର୍ଥିକ ବିକାଶ ପାଇଁ ପଥ ପରିଷ୍କାର କରିବ। ଏହା ଏକ ନୂଆ ସକାଳ, ଏକ ନୂଆ ଦିଗ ଏବଂ ଦକ୍ଷିଣ ଓଡ଼ିଶା ସମେତ କୋରାପୁଟ ପାଇଁ ଏକ ନୂଆ ଅଧ୍ୟାୟର ଶୁଭାରମ୍ଭ ହୋଇଛି।
